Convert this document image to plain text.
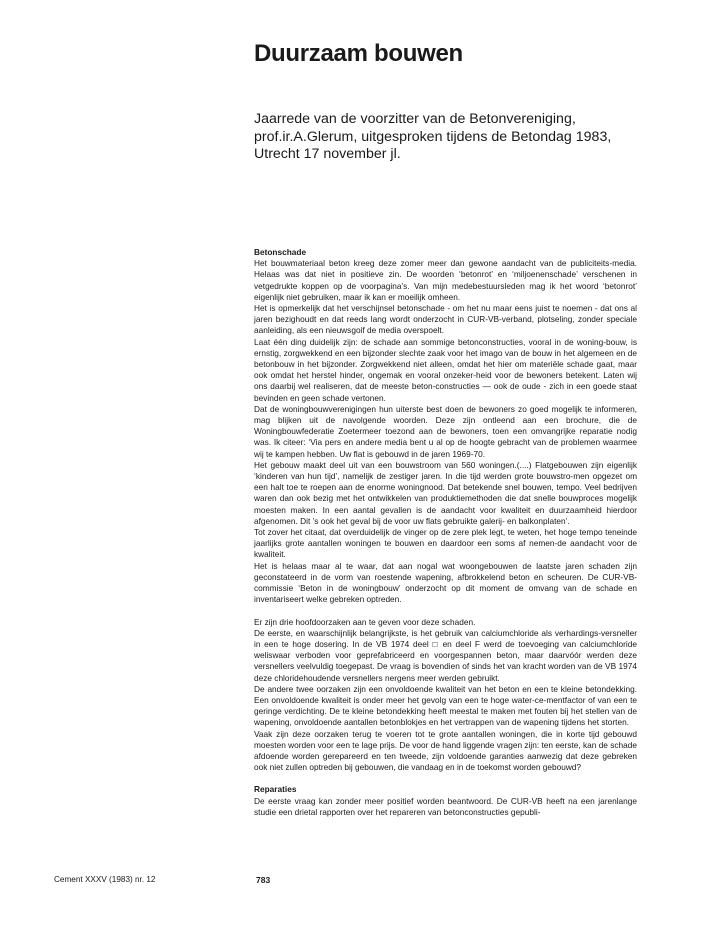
Duurzaam bouwen
Jaarrede van de voorzitter van de Betonvereniging,
prof.ir.A.Glerum, uitgesproken tijdens de Betondag 1983,
Utrecht 17 november jl.
Betonschade

Het bouwmateriaal beton kreeg deze zomer meer dan gewone aandacht van de publiciteits-media. Helaas was dat niet in positieve zin. De woorden ‘betonrot’ en ‘miljoenenschade’ verschenen in vetgedrukte koppen op de voorpagina’s. Van mijn medebestuursleden mag ik het woord ‘betonrot’ eigenlijk niet gebruiken, maar ik kan er moeilijk omheen.

Het is opmerkelijk dat het verschijnsel betonschade - om het nu maar eens juist te noemen - dat ons al jaren bezighoudt en dat reeds lang wordt onderzocht in CUR-VB-verband, plotseling, zonder speciale aanleiding, als een nieuwsgoif de media overspoelt.

Laat één ding duidelijk zijn: de schade aan sommige betonconstructies, vooral in de woning-bouw, is ernstig, zorgwekkend en een bijzonder slechte zaak voor het imago van de bouw in het algemeen en de betonbouw in het bijzonder. Zorgwekkend niet alleen, omdat het hier om materiële schade gaat, maar ook omdat het herstel hinder, ongemak en vooral onzeker-heid voor de bewoners betekent. Laten wij ons daarbij wel realiseren, dat de meeste beton-constructies — ook de oude - zich in een goede staat bevinden en geen schade vertonen.

Dat de woningbouwverenigingen hun uiterste best doen de bewoners zo goed mogelijk te informeren, mag blijken uit de navolgende woorden. Deze zijn ontleend aan een brochure, die de Woningbouwfederatie Zoetermeer toezond aan de bewoners, toen een omvangrijke reparatie nodig was. Ik citeer: ‘Via pers en andere media bent u al op de hoogte gebracht van de problemen waarmee wij te kampen hebben. Uw flat is gebouwd in de jaren 1969-70.

Het gebouw maakt deel uit van een bouwstroom van 560 woningen.(....) Flatgebouwen zijn eigenlijk ‘kinderen van hun tijd’, namelijk de zestiger jaren. In die tijd werden grote bouwstro-men opgezet om een halt toe te roepen aan de enorme woningnood. Dat betekende snel bouwen, tempo. Veel bedrijven waren dan ook bezig met het ontwikkelen van produktiemethoden die dat snelle bouwproces mogelijk moesten maken. In een aantal gevallen is de aandacht voor kwaliteit en duurzaamheid hierdoor afgenomen. Dit ’s ook het geval bij de voor uw flats gebruikte galerij- en balkonplaten’.

Tot zover het citaat, dat overduidelijk de vinger op de zere plek legt, te weten, het hoge tempo teneinde jaarlijks grote aantallen woningen te bouwen en daardoor een soms af nemen-de aandacht voor de kwaliteit.

Het is helaas maar al te waar, dat aan nogal wat woongebouwen de laatste jaren schaden zijn geconstateerd in de vorm van roestende wapening, afbrokkelend beton en scheuren. De CUR-VB-commissie ‘Beton in de woningbouw’ onderzocht op dit moment de omvang van de schade en inventariseert welke gebreken optreden.

Er zijn drie hoofdoorzaken aan te geven voor deze schaden.

De eerste, en waarschijnlijk belangrijkste, is het gebruik van calciumchloride als verhardings-versneller in een te hoge dosering. In de VB 1974 deel □ en deel F werd de toevoeging van calciumchloride weliswaar verboden voor geprefabriceerd en voorgespannen beton, maar daarvóór werden deze versnellers veelvuldig toegepast. De vraag is bovendien of sinds het van kracht worden van de VB 1974 deze chloridehoudende versnellers nergens meer werden gebruikt.

De andere twee oorzaken zijn een onvoldoende kwaliteit van het beton en een te kleine betondekking. Een onvoldoende kwaliteit is onder meer het gevolg van een te hoge water-ce-mentfactor of van een te geringe verdichting. De te kleine betondekking heeft meestal te maken met fouten bij het stellen van de wapening, onvoldoende aantallen betonblokjes en het vertrappen van de wapening tijdens het storten.

Vaak zijn deze oorzaken terug te voeren tot te grote aantallen woningen, die in korte tijd gebouwd moesten worden voor een te lage prijs. De voor de hand liggende vragen zijn: ten eerste, kan de schade afdoende worden gerepareerd en ten tweede, zijn voldoende garanties aanwezig dat deze gebreken ook niet zullen optreden bij gebouwen, die vandaag en in de toekomst worden gebouwd?

Reparaties

De eerste vraag kan zonder meer positief worden beantwoord. De CUR-VB heeft na een jarenlange studie een drietal rapporten over het repareren van betonconstructies gepubli-

Cement XXXV (1983) nr. 12	783
